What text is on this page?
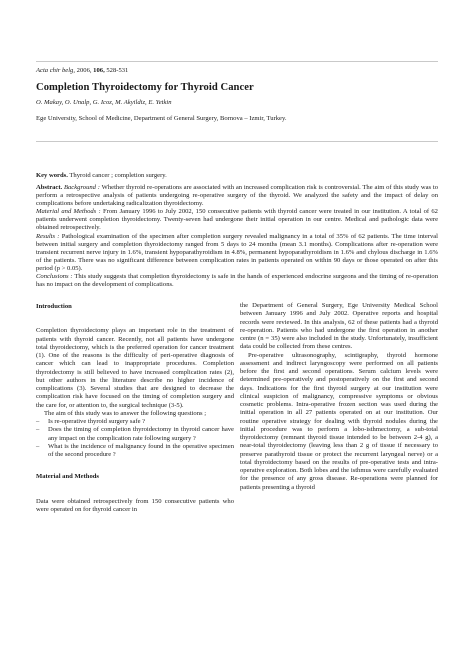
Acta chir belg, 2006, 106, 528-531
Completion Thyroidectomy for Thyroid Cancer
O. Makay, O. Unalp, G. Icoz, M. Akyildiz, E. Yetkin
Ege University, School of Medicine, Department of General Surgery, Bornova – Izmir, Turkey.
Key words. Thyroid cancer ; completion surgery.

Abstract. Background : Whether thyroid re-operations are associated with an increased complication risk is controversial. The aim of this study was to perform a retrospective analysis of patients undergoing re-operative surgery of the thyroid. We analyzed the safety and the impact of delay on complications before undertaking radicalization thyroidectomy.

Material and Methods : From January 1996 to July 2002, 150 consecutive patients with thyroid cancer were treated in our institution. A total of 62 patients underwent completion thyroidectomy. Twenty-seven had undergone their initial operation in our centre. Medical and pathologic data were obtained retrospectively.

Results : Pathological examination of the specimen after completion surgery revealed malignancy in a total of 35% of 62 patients. The time interval between initial surgery and completion thyroidectomy ranged from 5 days to 24 months (mean 3.1 months). Complications after re-operation were transient recurrent nerve injury in 1.6%, transient hypoparathyroidism in 4.8%, permanent hypoparathyroidism in 1.6% and chylous discharge in 1.6% of the patients. There was no significant difference between complication rates in patients operated on within 90 days or those operated on after this period (p > 0.05).

Conclusions : This study suggests that completion thyroidectomy is safe in the hands of experienced endocrine surgeons and the timing of re-operation has no impact on the development of complications.

Introduction

Completion thyroidectomy plays an important role in the treatment of patients with thyroid cancer. Recently, not all patients have undergone total thyroidectomy, which is the preferred operation for cancer treatment (1). One of the reasons is the difficulty of peri-operative diagnosis of cancer which can lead to inappropriate procedures. Completion thyroidectomy is still believed to have increased complication rates (2), but other authors in the literature describe no higher incidence of complications (3). Several studies that are designed to decrease the complication risk have focused on the timing of completion surgery and the care for, or attention to, the surgical technique (3-5).

The aim of this study was to answer the following questions ;

– Is re-operative thyroid surgery safe ?
– Does the timing of completion thyroidectomy in thyroid cancer have any impact on the complication rate following surgery ?
– What is the incidence of malignancy found in the operative specimen of the second procedure ?

Material and Methods

Data were obtained retrospectively from 150 consecutive patients who were operated on for thyroid cancer in

the Department of General Surgery, Ege University Medical School between January 1996 and July 2002. Operative reports and hospital records were reviewed. In this analysis, 62 of these patients had a thyroid re-operation. Patients who had undergone the first operation in another centre (n = 35) were also included in the study. Unfortunately, insufficient data could be collected from these centres.

Pre-operative ultrasonography, scintigraphy, thyroid hormone assessment and indirect laryngoscopy were performed on all patients before the first and second operations. Serum calcium levels were determined pre-operatively and postoperatively on the first and second days. Indications for the first thyroid surgery at our institution were clinical suspicion of malignancy, compressive symptoms or obvious cosmetic problems. Intra-operative frozen section was used during the initial operation in all 27 patients operated on at our institution. Our routine operative strategy for dealing with thyroid nodules during the initial procedure was to perform a lobo-isthmectomy, a sub-total thyroidectomy (remnant thyroid tissue intended to be between 2-4 g), a near-total thyroidectomy (leaving less than 2 g of tissue if necessary to preserve parathyroid tissue or protect the recurrent laryngeal nerve) or a total thyroidectomy based on the results of pre-operative tests and intra-operative exploration. Both lobes and the isthmus were carefully evaluated for the presence of any gross disease. Re-operations were planned for patients presenting a thyroid
